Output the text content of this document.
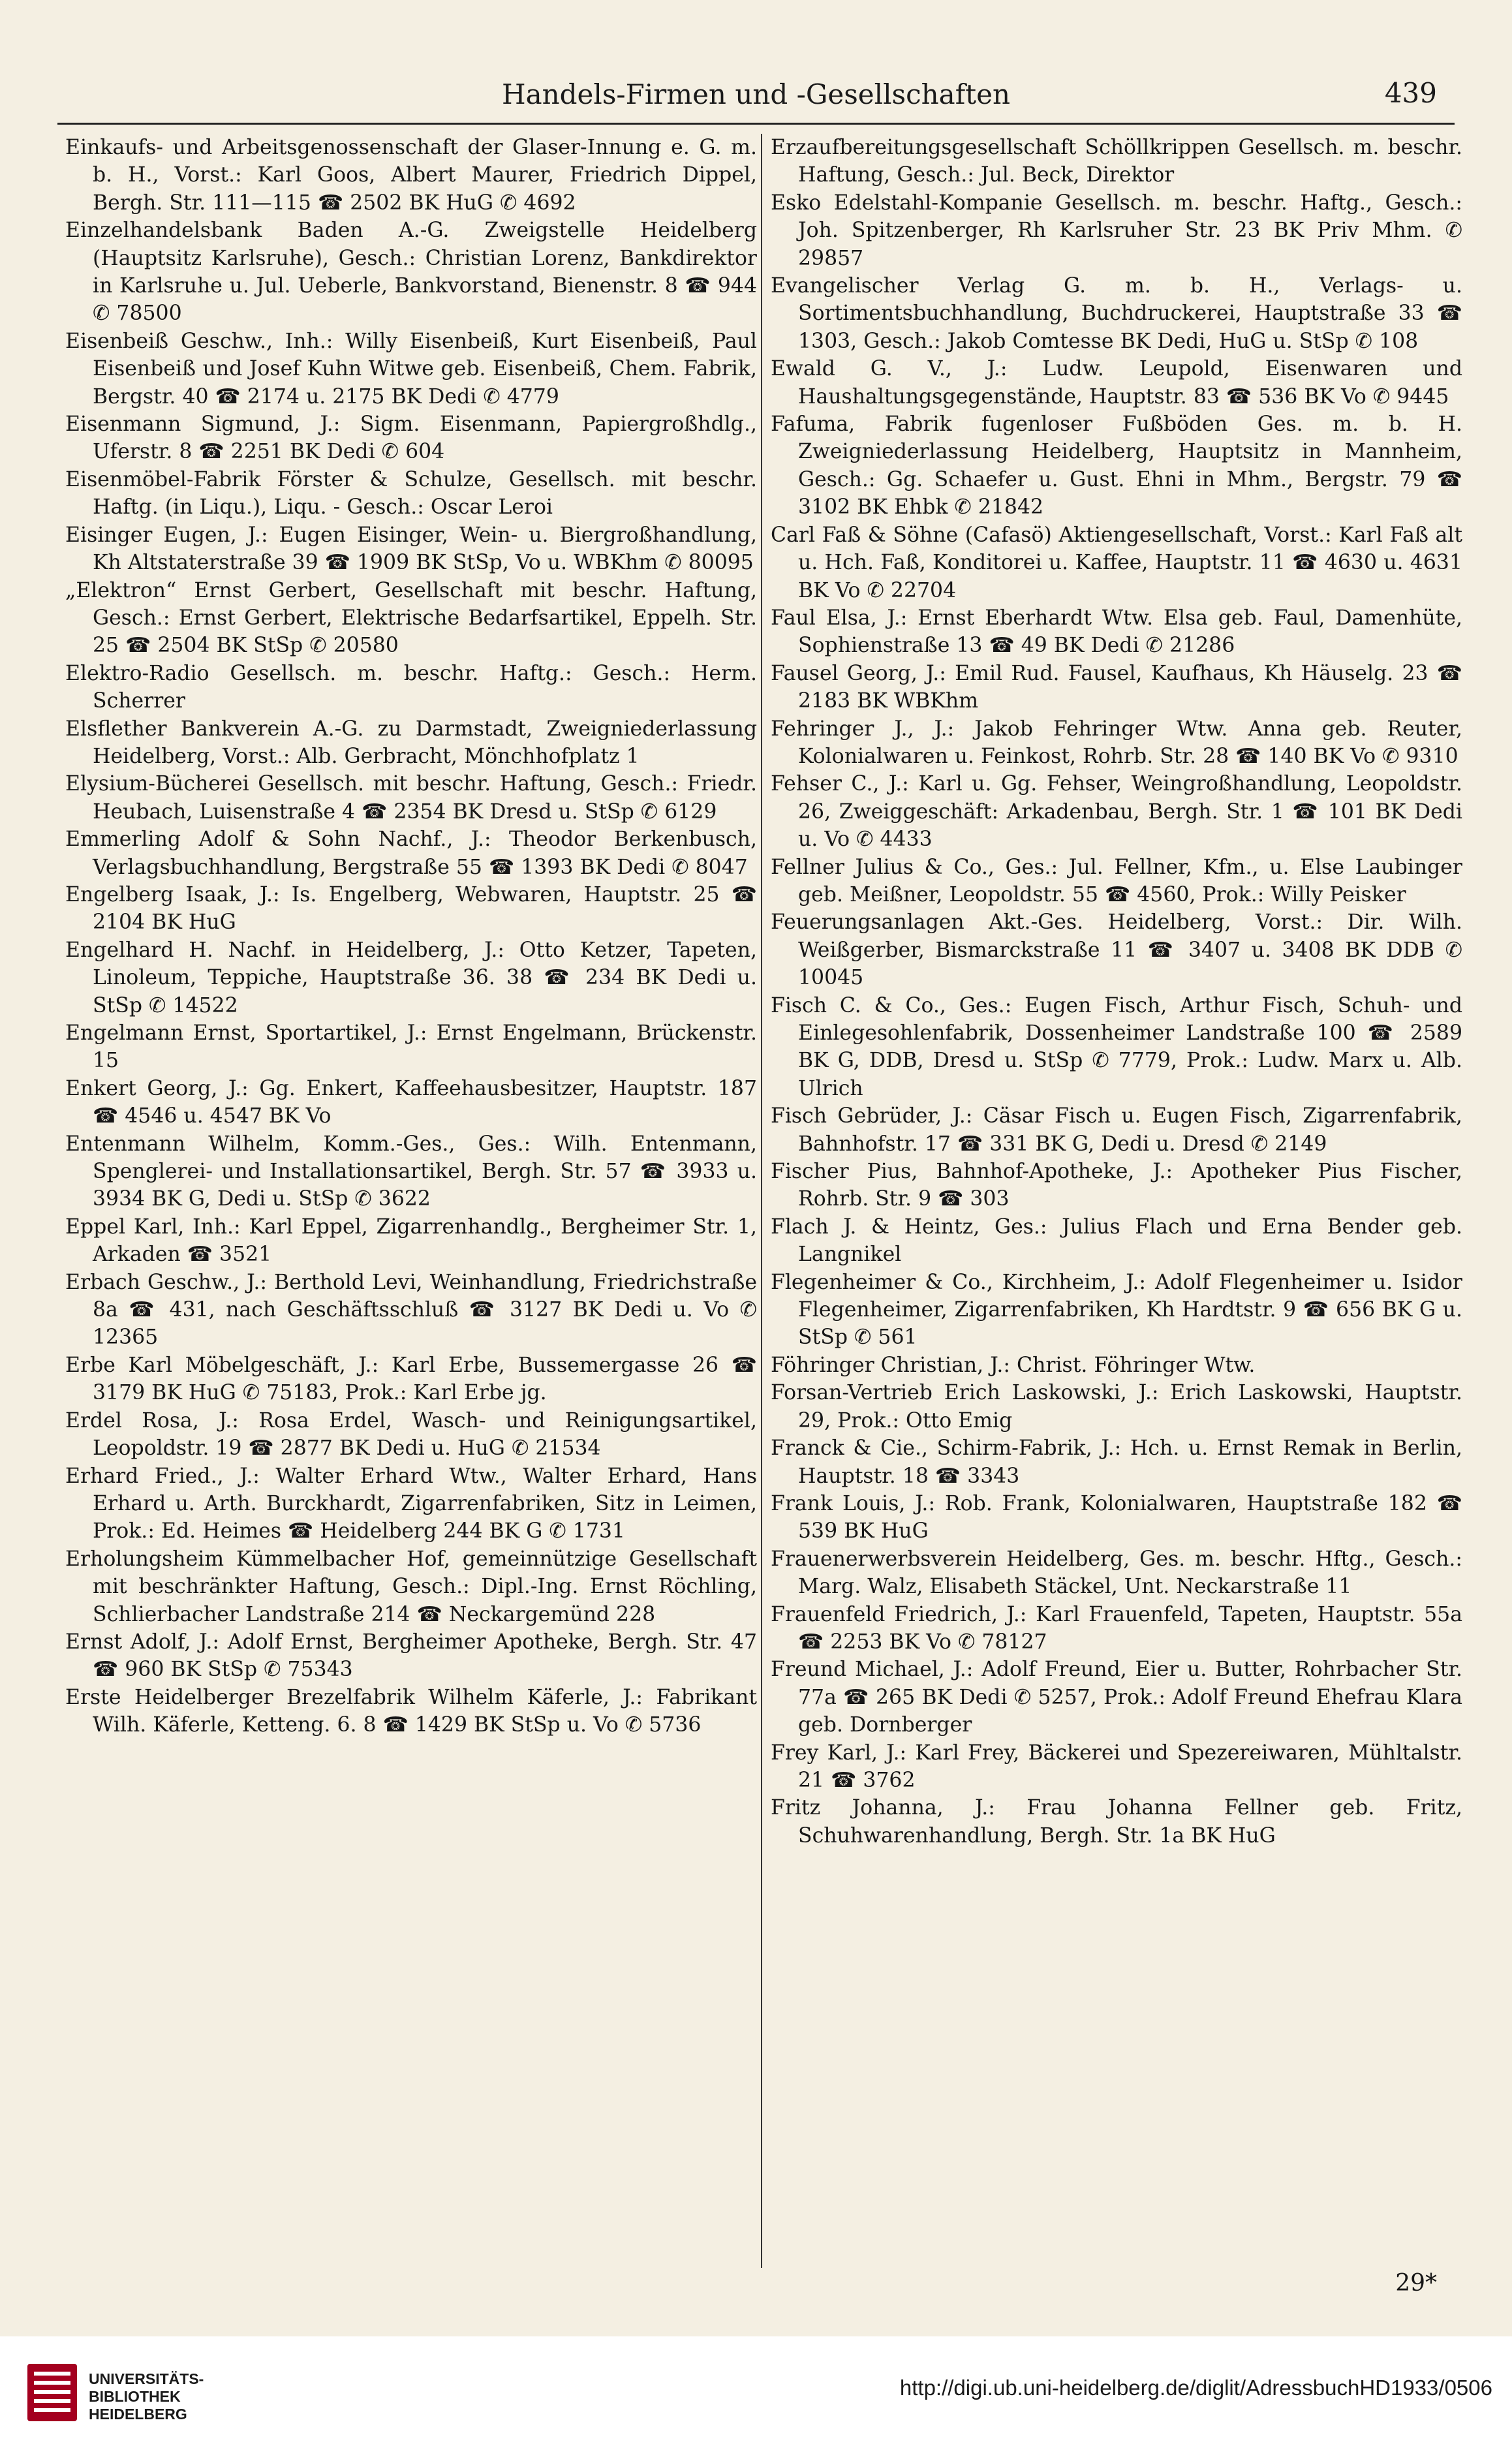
Handels-Firmen und -Gesellschaften	439
Einkaufs- und Arbeitsgenossenschaft der Glaser-Innung e. G. m. b. H., Vorst.: Karl Goos, Albert Maurer, Friedrich Dippel, Bergh. Str. 111—115 ☎ 2502 BK HuG ✆ 4692
Einzelhandelsbank Baden A.-G. Zweigstelle Heidelberg (Hauptsitz Karlsruhe), Gesch.: Christian Lorenz, Bankdirektor in Karlsruhe u. Jul. Ueberle, Bankvorstand, Bienenstr. 8 ☎ 944 ✆ 78500
Eisenbeiß Geschw., Inh.: Willy Eisenbeiß, Kurt Eisenbeiß, Paul Eisenbeiß und Josef Kuhn Witwe geb. Eisenbeiß, Chem. Fabrik, Bergstr. 40 ☎ 2174 u. 2175 BK Dedi ✆ 4779
Eisenmann Sigmund, J.: Sigm. Eisenmann, Papiergroßhdlg., Uferstr. 8 ☎ 2251 BK Dedi ✆ 604
Eisenmöbel-Fabrik Förster & Schulze, Gesellsch. mit beschr. Haftg. (in Liqu.), Liqu. - Gesch.: Oscar Leroi
Eisinger Eugen, J.: Eugen Eisinger, Wein- u. Biergroßhandlung, Kh Altstaterstraße 39 ☎ 1909 BK StSp, Vo u. WBKhm ✆ 80095
„Elektron“ Ernst Gerbert, Gesellschaft mit beschr. Haftung, Gesch.: Ernst Gerbert, Elektrische Bedarfsartikel, Eppelh. Str. 25 ☎ 2504 BK StSp ✆ 20580
Elektro-Radio Gesellsch. m. beschr. Haftg.: Gesch.: Herm. Scherrer
Elsflether Bankverein A.-G. zu Darmstadt, Zweigniederlassung Heidelberg, Vorst.: Alb. Gerbracht, Mönchhofplatz 1
Elysium-Bücherei Gesellsch. mit beschr. Haftung, Gesch.: Friedr. Heubach, Luisenstraße 4 ☎ 2354 BK Dresd u. StSp ✆ 6129
Emmerling Adolf & Sohn Nachf., J.: Theodor Berkenbusch, Verlagsbuchhandlung, Bergstraße 55 ☎ 1393 BK Dedi ✆ 8047
Engelberg Isaak, J.: Is. Engelberg, Webwaren, Hauptstr. 25 ☎ 2104 BK HuG
Engelhard H. Nachf. in Heidelberg, J.: Otto Ketzer, Tapeten, Linoleum, Teppiche, Hauptstraße 36. 38 ☎ 234 BK Dedi u. StSp ✆ 14522
Engelmann Ernst, Sportartikel, J.: Ernst Engelmann, Brückenstr. 15
Enkert Georg, J.: Gg. Enkert, Kaffeehausbesitzer, Hauptstr. 187 ☎ 4546 u. 4547 BK Vo
Entenmann Wilhelm, Komm.-Ges., Ges.: Wilh. Entenmann, Spenglerei- und Installationsartikel, Bergh. Str. 57 ☎ 3933 u. 3934 BK G, Dedi u. StSp ✆ 3622
Eppel Karl, Inh.: Karl Eppel, Zigarrenhandlg., Bergheimer Str. 1, Arkaden ☎ 3521
Erbach Geschw., J.: Berthold Levi, Weinhandlung, Friedrichstraße 8a ☎ 431, nach Geschäftsschluß ☎ 3127 BK Dedi u. Vo ✆ 12365
Erbe Karl Möbelgeschäft, J.: Karl Erbe, Bussemergasse 26 ☎ 3179 BK HuG ✆ 75183, Prok.: Karl Erbe jg.
Erdel Rosa, J.: Rosa Erdel, Wasch- und Reinigungsartikel, Leopoldstr. 19 ☎ 2877 BK Dedi u. HuG ✆ 21534
Erhard Fried., J.: Walter Erhard Wtw., Walter Erhard, Hans Erhard u. Arth. Burckhardt, Zigarrenfabriken, Sitz in Leimen, Prok.: Ed. Heimes ☎ Heidelberg 244 BK G ✆ 1731
Erholungsheim Kümmelbacher Hof, gemeinnützige Gesellschaft mit beschränkter Haftung, Gesch.: Dipl.-Ing. Ernst Röchling, Schlierbacher Landstraße 214 ☎ Neckargemünd 228
Ernst Adolf, J.: Adolf Ernst, Bergheimer Apotheke, Bergh. Str. 47 ☎ 960 BK StSp ✆ 75343
Erste Heidelberger Brezelfabrik Wilhelm Käferle, J.: Fabrikant Wilh. Käferle, Ketteng. 6. 8 ☎ 1429 BK StSp u. Vo ✆ 5736
Erzaufbereitungsgesellschaft Schöllkrippen Gesellsch. m. beschr. Haftung, Gesch.: Jul. Beck, Direktor
Esko Edelstahl-Kompanie Gesellsch. m. beschr. Haftg., Gesch.: Joh. Spitzenberger, Rh Karlsruher Str. 23 BK Priv Mhm. ✆ 29857
Evangelischer Verlag G. m. b. H., Verlags- u. Sortimentsbuchhandlung, Buchdruckerei, Hauptstraße 33 ☎ 1303, Gesch.: Jakob Comtesse BK Dedi, HuG u. StSp ✆ 108
Ewald G. V., J.: Ludw. Leupold, Eisenwaren und Haushaltungsgegenstände, Hauptstr. 83 ☎ 536 BK Vo ✆ 9445
Fafuma, Fabrik fugenloser Fußböden Ges. m. b. H. Zweigniederlassung Heidelberg, Hauptsitz in Mannheim, Gesch.: Gg. Schaefer u. Gust. Ehni in Mhm., Bergstr. 79 ☎ 3102 BK Ehbk ✆ 21842
Carl Faß & Söhne (Cafasö) Aktiengesellschaft, Vorst.: Karl Faß alt u. Hch. Faß, Konditorei u. Kaffee, Hauptstr. 11 ☎ 4630 u. 4631 BK Vo ✆ 22704
Faul Elsa, J.: Ernst Eberhardt Wtw. Elsa geb. Faul, Damenhüte, Sophienstraße 13 ☎ 49 BK Dedi ✆ 21286
Fausel Georg, J.: Emil Rud. Fausel, Kaufhaus, Kh Häuselg. 23 ☎ 2183 BK WBKhm
Fehringer J., J.: Jakob Fehringer Wtw. Anna geb. Reuter, Kolonialwaren u. Feinkost, Rohrb. Str. 28 ☎ 140 BK Vo ✆ 9310
Fehser C., J.: Karl u. Gg. Fehser, Weingroßhandlung, Leopoldstr. 26, Zweiggeschäft: Arkadenbau, Bergh. Str. 1 ☎ 101 BK Dedi u. Vo ✆ 4433
Fellner Julius & Co., Ges.: Jul. Fellner, Kfm., u. Else Laubinger geb. Meißner, Leopoldstr. 55 ☎ 4560, Prok.: Willy Peisker
Feuerungsanlagen Akt.-Ges. Heidelberg, Vorst.: Dir. Wilh. Weißgerber, Bismarckstraße 11 ☎ 3407 u. 3408 BK DDB ✆ 10045
Fisch C. & Co., Ges.: Eugen Fisch, Arthur Fisch, Schuh- und Einlegesohlenfabrik, Dossenheimer Landstraße 100 ☎ 2589 BK G, DDB, Dresd u. StSp ✆ 7779, Prok.: Ludw. Marx u. Alb. Ulrich
Fisch Gebrüder, J.: Cäsar Fisch u. Eugen Fisch, Zigarrenfabrik, Bahnhofstr. 17 ☎ 331 BK G, Dedi u. Dresd ✆ 2149
Fischer Pius, Bahnhof-Apotheke, J.: Apotheker Pius Fischer, Rohrb. Str. 9 ☎ 303
Flach J. & Heintz, Ges.: Julius Flach und Erna Bender geb. Langnikel
Flegenheimer & Co., Kirchheim, J.: Adolf Flegenheimer u. Isidor Flegenheimer, Zigarrenfabriken, Kh Hardtstr. 9 ☎ 656 BK G u. StSp ✆ 561
Föhringer Christian, J.: Christ. Föhringer Wtw.
Forsan-Vertrieb Erich Laskowski, J.: Erich Laskowski, Hauptstr. 29, Prok.: Otto Emig
Franck & Cie., Schirm-Fabrik, J.: Hch. u. Ernst Remak in Berlin, Hauptstr. 18 ☎ 3343
Frank Louis, J.: Rob. Frank, Kolonialwaren, Hauptstraße 182 ☎ 539 BK HuG
Frauenerwerbsverein Heidelberg, Ges. m. beschr. Hftg., Gesch.: Marg. Walz, Elisabeth Stäckel, Unt. Neckarstraße 11
Frauenfeld Friedrich, J.: Karl Frauenfeld, Tapeten, Hauptstr. 55a ☎ 2253 BK Vo ✆ 78127
Freund Michael, J.: Adolf Freund, Eier u. Butter, Rohrbacher Str. 77a ☎ 265 BK Dedi ✆ 5257, Prok.: Adolf Freund Ehefrau Klara geb. Dornberger
Frey Karl, J.: Karl Frey, Bäckerei und Spezereiwaren, Mühltalstr. 21 ☎ 3762
Fritz Johanna, J.: Frau Johanna Fellner geb. Fritz, Schuhwarenhandlung, Bergh. Str. 1a BK HuG
29*
UNIVERSITÄTS-
BIBLIOTHEK
HEIDELBERG
http://digi.ub.uni-heidelberg.de/diglit/AdressbuchHD1933/0506
